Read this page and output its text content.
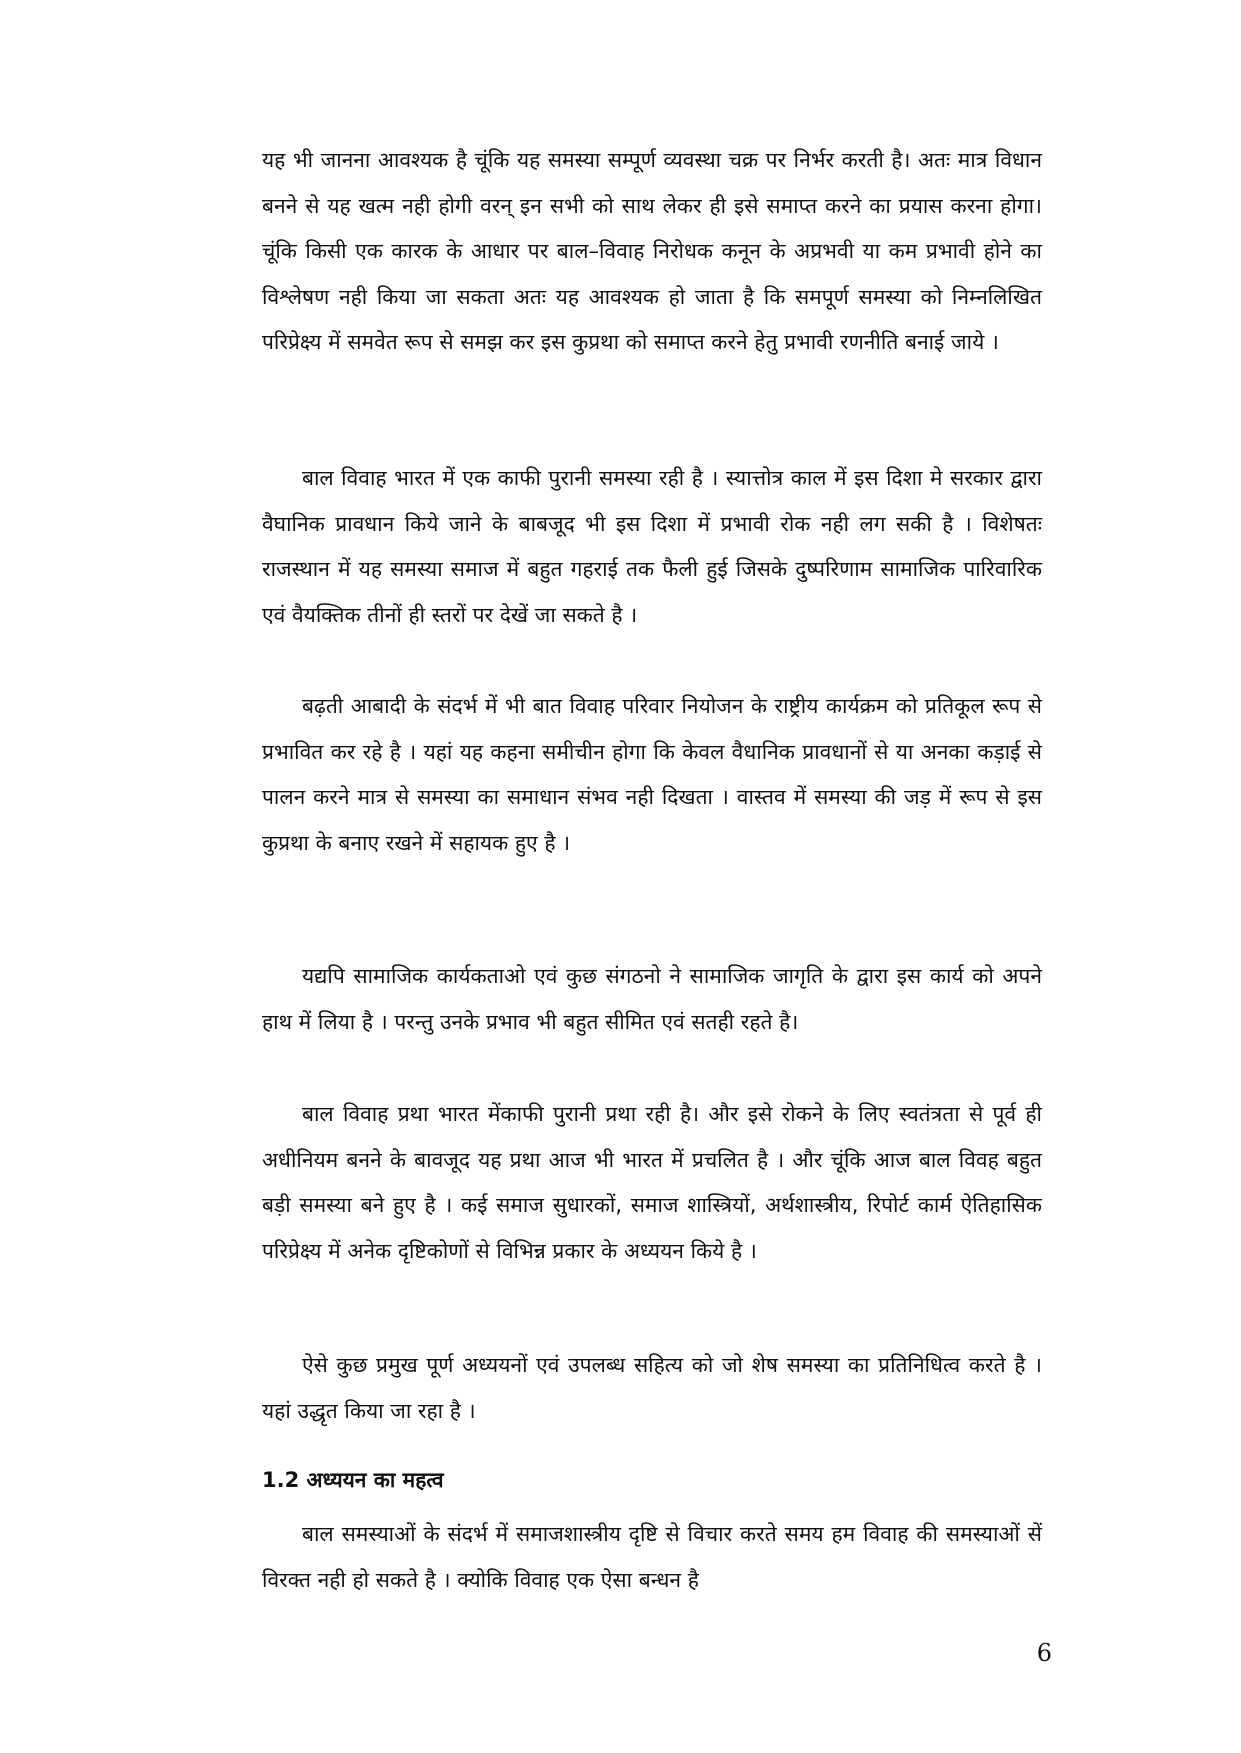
यह भी जानना आवश्यक है चूंकि यह समस्या सम्पूर्ण व्यवस्था चक्र पर निर्भर करती है। अतः मात्र विधान बनने से यह खत्म नही होगी वरन् इन सभी को साथ लेकर ही इसे समाप्त करने का प्रयास करना होगा। चूंकि किसी एक कारक के आधार पर बाल–विवाह निरोधक कनून के अप्रभवी या कम प्रभावी होने का विश्लेषण नही किया जा सकता अतः यह आवश्यक हो जाता है कि समपूर्ण समस्या को निम्नलिखित परिप्रेक्ष्य में समवेत रूप से समझ कर इस कुप्रथा को समाप्त करने हेतु प्रभावी रणनीति बनाई जाये ।

बाल विवाह भारत में एक काफी पुरानी समस्या रही है । स्यात्तोत्र काल में इस दिशा मे सरकार द्वारा वैघानिक प्रावधान किये जाने के बाबजूद भी इस दिशा में प्रभावी रोक नही लग सकी है । विशेषतः राजस्थान में यह समस्या समाज में बहुत गहराई तक फैली हुई जिसके दुष्परिणाम सामाजिक पारिवारिक एवं वैयक्तिक तीनों ही स्तरों पर देखें जा सकते है ।

बढ़ती आबादी के संदर्भ में भी बात विवाह परिवार नियोजन के राष्ट्रीय कार्यक्रम को प्रतिकूल रूप से प्रभावित कर रहे है । यहां यह कहना समीचीन होगा कि केवल वैधानिक प्रावधानों से या अनका कड़ाई से पालन करने मात्र से समस्या का समाधान संभव नही दिखता । वास्तव में समस्या की जड़ में रूप से इस कुप्रथा के बनाए रखने में सहायक हुए है ।

यद्यपि सामाजिक कार्यकताओ एवं कुछ संगठनो ने सामाजिक जागृति के द्वारा इस कार्य को अपने हाथ में लिया है । परन्तु उनके प्रभाव भी बहुत सीमित एवं सतही रहते है।

बाल विवाह प्रथा भारत मेंकाफी पुरानी प्रथा रही है। और इसे रोकने के लिए स्वतंत्रता से पूर्व ही अधीनियम बनने के बावजूद यह प्रथा आज भी भारत में प्रचलित है । और चूंकि आज बाल विवह बहुत बड़ी समस्या बने हुए है । कई समाज सुधारकों, समाज शास्त्रियों, अर्थशास्त्रीय, रिपोर्ट कार्म ऐतिहासिक परिप्रेक्ष्य में अनेक दृष्टिकोणों से विभिन्न प्रकार के अध्ययन किये है ।

ऐसे कुछ प्रमुख पूर्ण अध्ययनों एवं उपलब्ध सहित्य को जो शेष समस्या का प्रतिनिधित्व करते है । यहां उद्धृत किया जा रहा है ।

1.2 अध्ययन का महत्व

बाल समस्याओं के संदर्भ में समाजशास्त्रीय दृष्टि से विचार करते समय हम विवाह की समस्याओं सें विरक्त नही हो सकते है । क्योकि विवाह एक ऐसा बन्धन है

6
